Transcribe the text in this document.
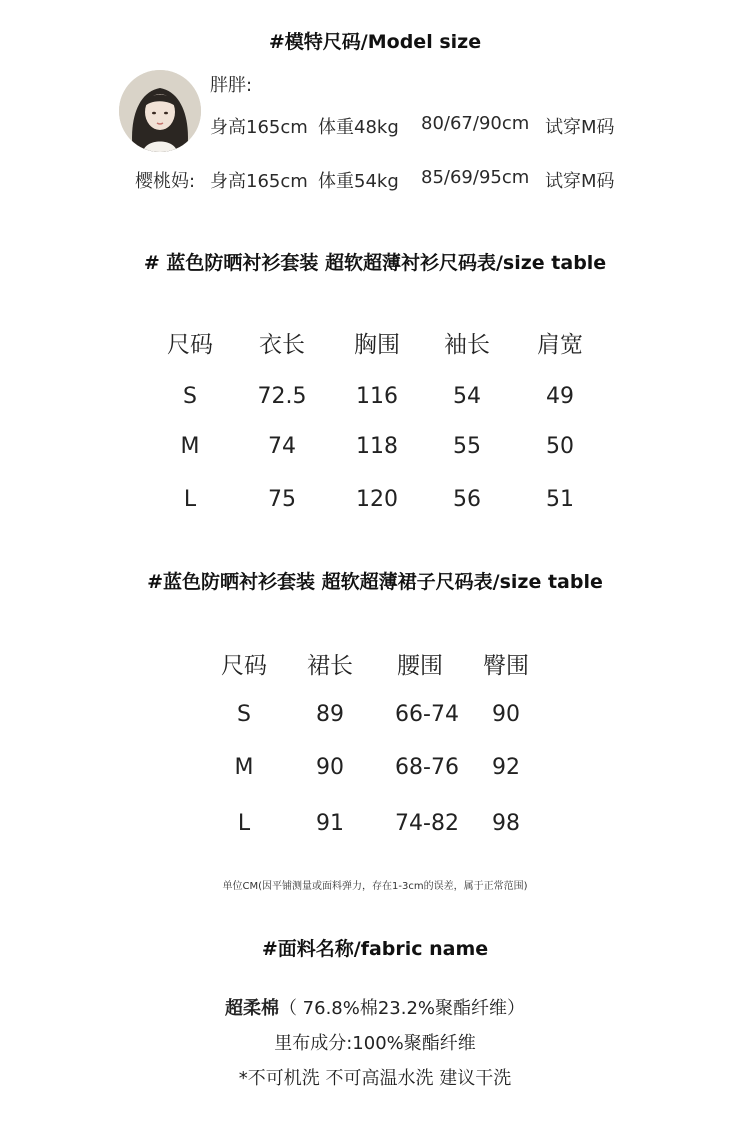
#模特尺码/Model size
胖胖:
身高165cm 体重48kg 80/67/90cm 试穿M码
樱桃妈: 身高165cm 体重54kg 85/69/95cm 试穿M码
# 蓝色防晒衬衫套装 超软超薄衬衫尺码表/size table
尺码	衣长	胸围	袖长	肩宽
S	72.5	116	54	49
M	74	118	55	50
L	75	120	56	51
#蓝色防晒衬衫套装 超软超薄裙子尺码表/size table
尺码	裙长	腰围	臀围
S	89	66-74	90
M	90	68-76	92
L	91	74-82	98
单位CM(因平铺测量或面料弹力，存在1-3cm的误差，属于正常范围)
#面料名称/fabric name
超柔棉（ 76.8%棉23.2%聚酯纤维）
里布成分:100%聚酯纤维
*不可机洗 不可高温水洗 建议干洗
